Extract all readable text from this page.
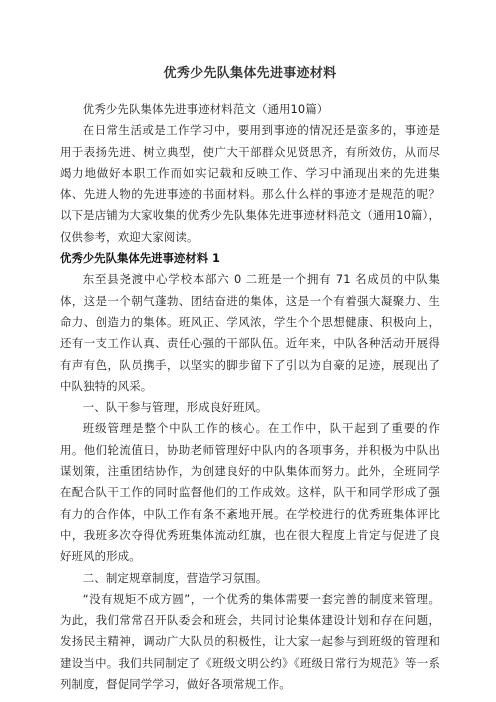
优秀少先队集体先进事迹材料

优秀少先队集体先进事迹材料范文（通用10篇）

在日常生活或是工作学习中，要用到事迹的情况还是蛮多的，事迹是用于表扬先进、树立典型，使广大干部群众见贤思齐，有所效仿，从而尽竭力地做好本职工作而如实记载和反映工作、学习中涌现出来的先进集体、先进人物的先进事迹的书面材料。那么什么样的事迹才是规范的呢？以下是店铺为大家收集的优秀少先队集体先进事迹材料范文（通用10篇），仅供参考，欢迎大家阅读。

优秀少先队集体先进事迹材料 1

东至县尧渡中心学校本部六 0 二班是一个拥有 71 名成员的中队集体，这是一个朝气蓬勃、团结奋进的集体，这是一个有着强大凝聚力、生命力、创造力的集体。班风正、学风浓，学生个个思想健康、积极向上，还有一支工作认真、责任心强的干部队伍。近年来，中队各种活动开展得有声有色，队员携手，以坚实的脚步留下了引以为自豪的足迹，展现出了中队独特的风采。

一、队干参与管理，形成良好班风。

班级管理是整个中队工作的核心。在工作中，队干起到了重要的作用。他们轮流值日，协助老师管理好中队内的各项事务，并积极为中队出谋划策，注重团结协作，为创建良好的中队集体而努力。此外，全班同学在配合队干工作的同时监督他们的工作成效。这样，队干和同学形成了强有力的合作体，中队工作有条不紊地开展。在学校进行的优秀班集体评比中，我班多次夺得优秀班集体流动红旗，也在很大程度上肯定与促进了良好班风的形成。

二、制定规章制度，营造学习氛围。

“没有规矩不成方圆”，一个优秀的集体需要一套完善的制度来管理。为此，我们常常召开队委会和班会，共同讨论集体建设计划和存在问题，发扬民主精神，调动广大队员的积极性，让大家一起参与到班级的管理和建设当中。我们共同制定了《班级文明公约》《班级日常行为规范》等一系列制度，督促同学学习，做好各项常规工作。
